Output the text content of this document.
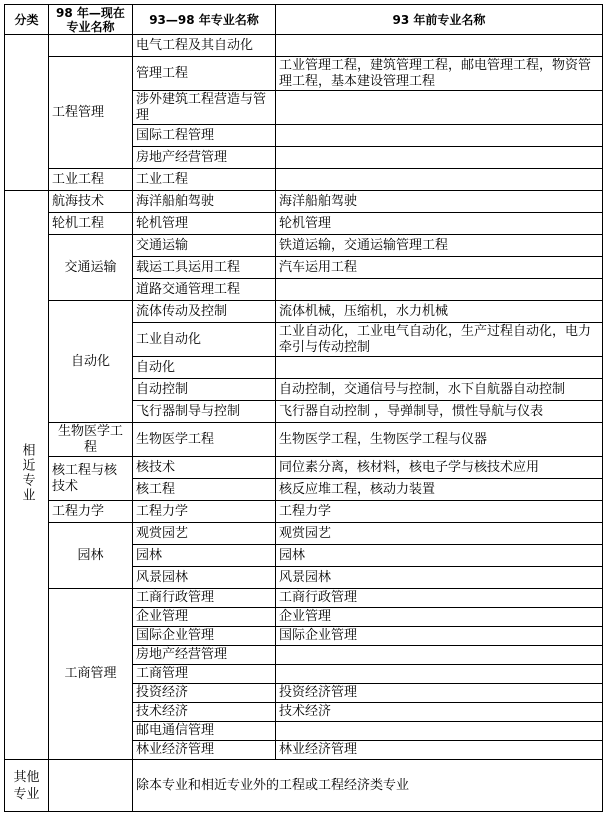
分类	98 年—现在专业名称	93—98 年专业名称	93 年前专业名称
		电气工程及其自动化	
	工程管理	管理工程	工业管理工程，建筑管理工程，邮电管理工程，物资管理工程，基本建设管理工程
		涉外建筑工程营造与管理	
		国际工程管理	
		房地产经营管理	
	工业工程	工业工程	
相近专业	航海技术	海洋船舶驾驶	海洋船舶驾驶
	轮机工程	轮机管理	轮机管理
	交通运输	交通运输	铁道运输，交通运输管理工程
		载运工具运用工程	汽车运用工程
		道路交通管理工程	
	自动化	流体传动及控制	流体机械，压缩机，水力机械
		工业自动化	工业自动化，工业电气自动化，生产过程自动化，电力牵引与传动控制
		自动化	
		自动控制	自动控制，交通信号与控制，水下自航器自动控制
		飞行器制导与控制	飞行器自动控制 ，导弹制导，惯性导航与仪表
	生物医学工程	生物医学工程	生物医学工程，生物医学工程与仪器
	核工程与核技术	核技术	同位素分离，核材料，核电子学与核技术应用
		核工程	核反应堆工程，核动力装置
	工程力学	工程力学	工程力学
	园林	观赏园艺	观赏园艺
		园林	园林
		风景园林	风景园林
	工商管理	工商行政管理	工商行政管理
		企业管理	企业管理
		国际企业管理	国际企业管理
		房地产经营管理	
		工商管理	
		投资经济	投资经济管理
		技术经济	技术经济
		邮电通信管理	
		林业经济管理	林业经济管理
其他专业		除本专业和相近专业外的工程或工程经济类专业	
